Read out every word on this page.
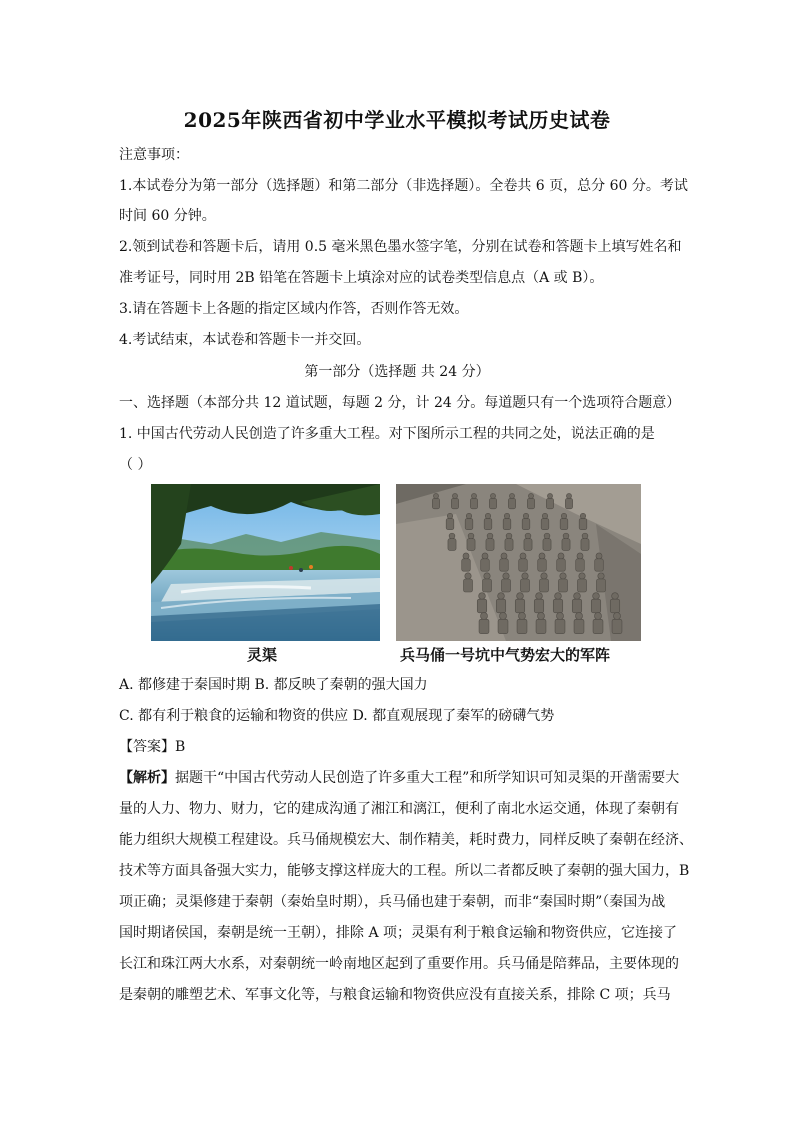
2025年陕西省初中学业水平模拟考试历史试卷
注意事项：
1.本试卷分为第一部分（选择题）和第二部分（非选择题）。全卷共 6 页，总分 60 分。考试
时间 60 分钟。
2.领到试卷和答题卡后，请用 0.5 毫米黑色墨水签字笔，分别在试卷和答题卡上填写姓名和
准考证号，同时用 2B 铅笔在答题卡上填涂对应的试卷类型信息点（A 或 B）。
3.请在答题卡上各题的指定区域内作答，否则作答无效。
4.考试结束，本试卷和答题卡一并交回。
第一部分（选择题 共 24 分）
一、选择题（本部分共 12 道试题，每题 2 分，计 24 分。每道题只有一个选项符合题意）
1. 中国古代劳动人民创造了许多重大工程。对下图所示工程的共同之处，说法正确的是
（ ）
灵渠	兵马俑一号坑中气势宏大的军阵
A. 都修建于秦国时期 B. 都反映了秦朝的强大国力
C. 都有利于粮食的运输和物资的供应 D. 都直观展现了秦军的磅礴气势
【答案】B
【解析】据题干“中国古代劳动人民创造了许多重大工程”和所学知识可知灵渠的开凿需要大
量的人力、物力、财力，它的建成沟通了湘江和漓江，便利了南北水运交通，体现了秦朝有
能力组织大规模工程建设。兵马俑规模宏大、制作精美，耗时费力，同样反映了秦朝在经济、
技术等方面具备强大实力，能够支撑这样庞大的工程。所以二者都反映了秦朝的强大国力，B
项正确；灵渠修建于秦朝（秦始皇时期），兵马俑也建于秦朝，而非“秦国时期”（秦国为战
国时期诸侯国，秦朝是统一王朝），排除 A 项；灵渠有利于粮食运输和物资供应，它连接了
长江和珠江两大水系，对秦朝统一岭南地区起到了重要作用。兵马俑是陪葬品，主要体现的
是秦朝的雕塑艺术、军事文化等，与粮食运输和物资供应没有直接关系，排除 C 项；兵马
